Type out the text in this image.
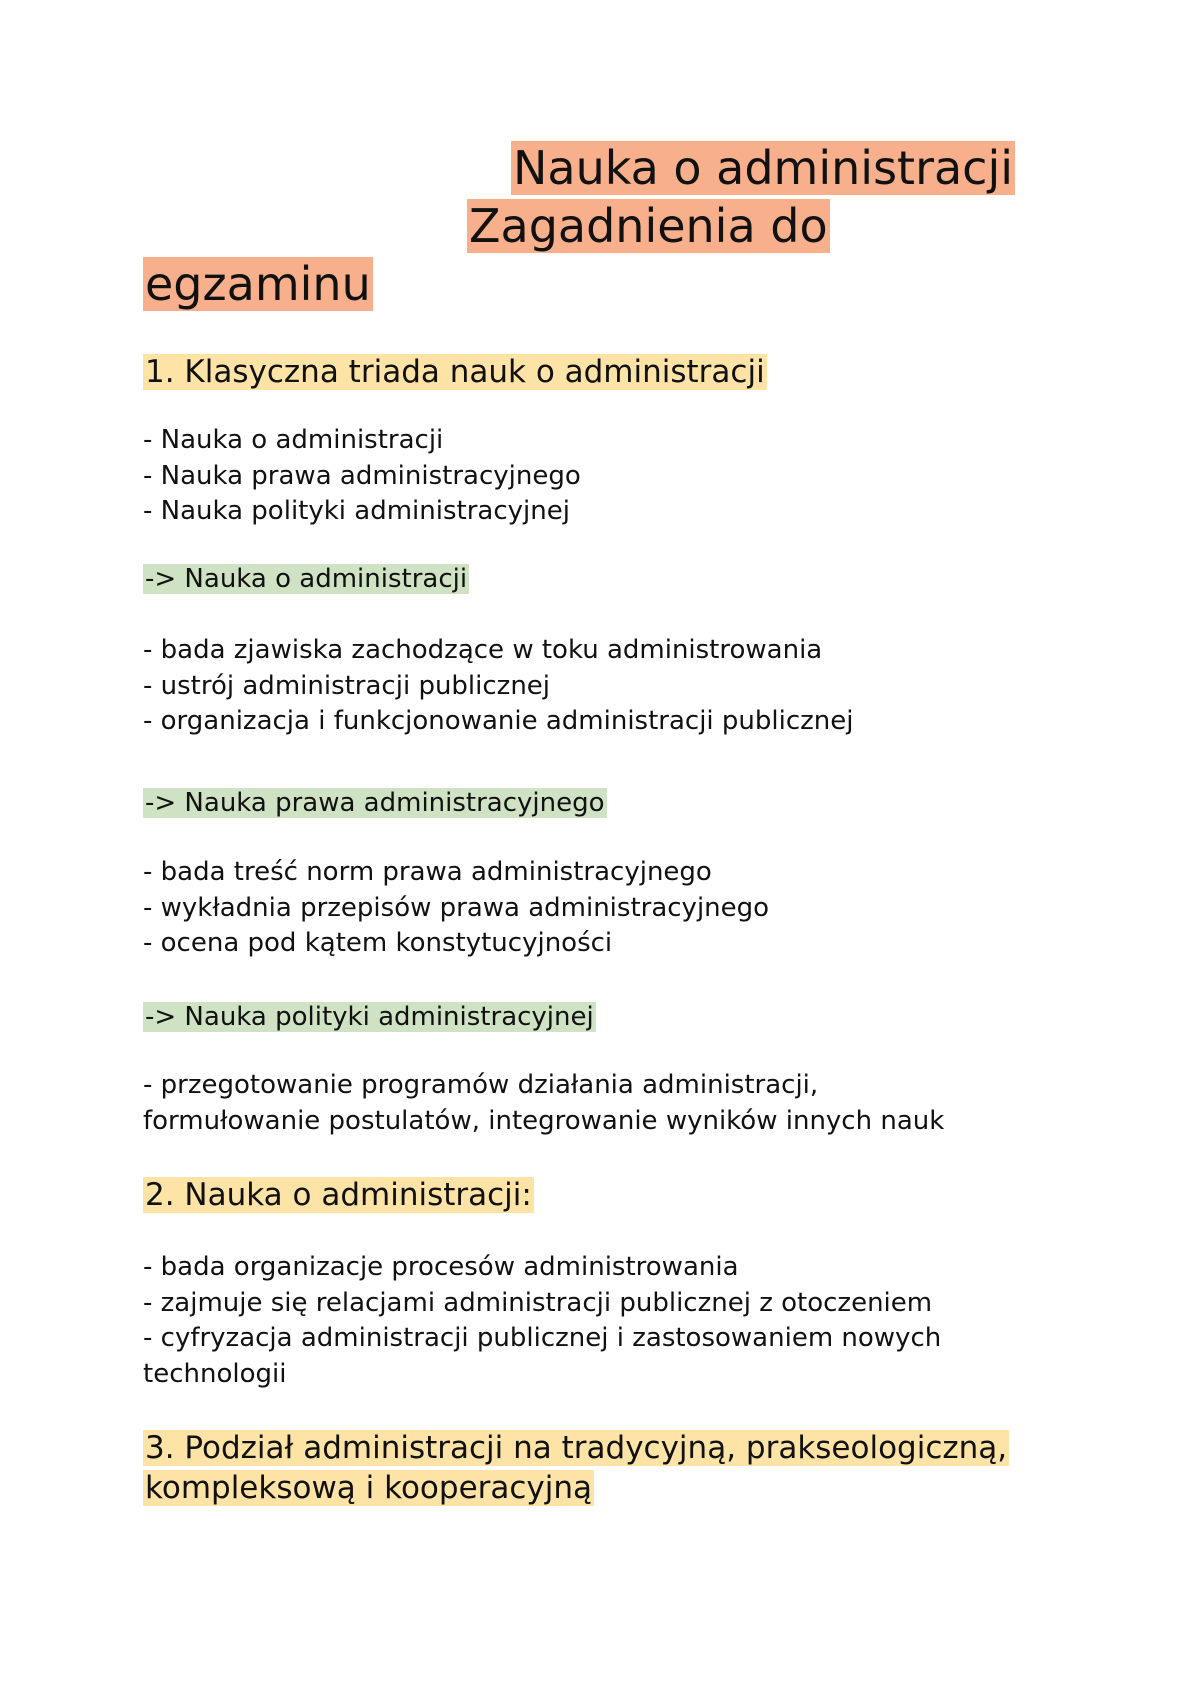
Nauka o administracji
Zagadnienia do
egzaminu
1. Klasyczna triada nauk o administracji
- Nauka o administracji
- Nauka prawa administracyjnego
- Nauka polityki administracyjnej
-> Nauka o administracji
- bada zjawiska zachodzące w toku administrowania
- ustrój administracji publicznej
- organizacja i funkcjonowanie administracji publicznej
-> Nauka prawa administracyjnego
- bada treść norm prawa administracyjnego
- wykładnia przepisów prawa administracyjnego
- ocena pod kątem konstytucyjności
-> Nauka polityki administracyjnej
- przegotowanie programów działania administracji,
formułowanie postulatów, integrowanie wyników innych nauk
2. Nauka o administracji:
- bada organizacje procesów administrowania
- zajmuje się relacjami administracji publicznej z otoczeniem
- cyfryzacja administracji publicznej i zastosowaniem nowych
technologii
3. Podział administracji na tradycyjną, prakseologiczną,
kompleksową i kooperacyjną
